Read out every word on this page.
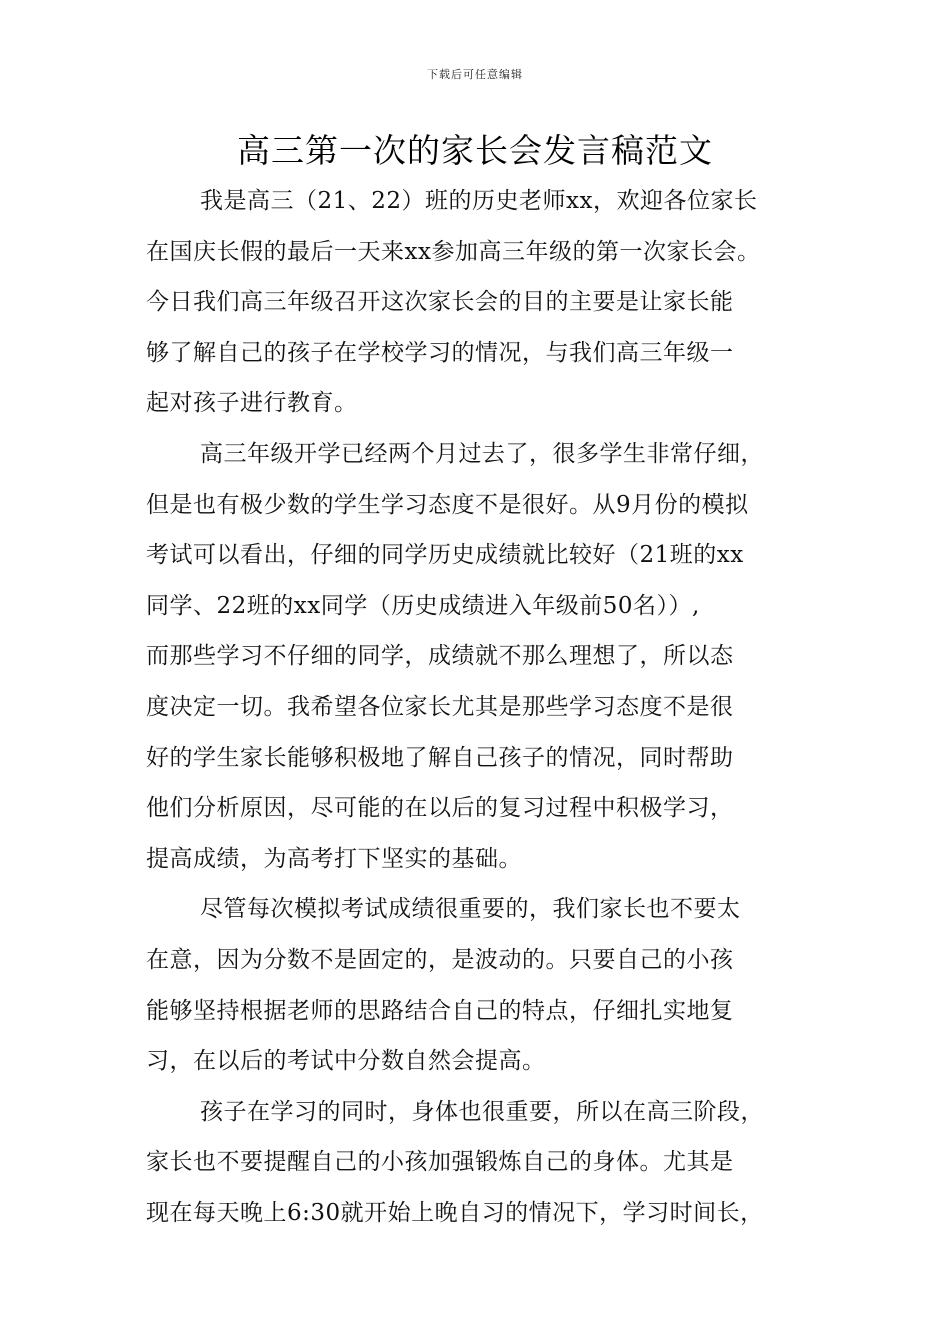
下载后可任意编辑
高三第一次的家长会发言稿范文

我是高三（21、22）班的历史老师xx，欢迎各位家长
在国庆长假的最后一天来xx参加高三年级的第一次家长会。
今日我们高三年级召开这次家长会的目的主要是让家长能
够了解自己的孩子在学校学习的情况，与我们高三年级一
起对孩子进行教育。

高三年级开学已经两个月过去了，很多学生非常仔细，
但是也有极少数的学生学习态度不是很好。从9月份的模拟
考试可以看出，仔细的同学历史成绩就比较好（21班的xx
同学、22班的xx同学（历史成绩进入年级前50名））,
而那些学习不仔细的同学，成绩就不那么理想了，所以态
度决定一切。我希望各位家长尤其是那些学习态度不是很
好的学生家长能够积极地了解自己孩子的情况，同时帮助
他们分析原因，尽可能的在以后的复习过程中积极学习，
提高成绩，为高考打下坚实的基础。

尽管每次模拟考试成绩很重要的，我们家长也不要太
在意，因为分数不是固定的，是波动的。只要自己的小孩
能够坚持根据老师的思路结合自己的特点，仔细扎实地复
习，在以后的考试中分数自然会提高。

孩子在学习的同时，身体也很重要，所以在高三阶段，
家长也不要提醒自己的小孩加强锻炼自己的身体。尤其是
现在每天晚上6:30就开始上晚自习的情况下，学习时间长，
